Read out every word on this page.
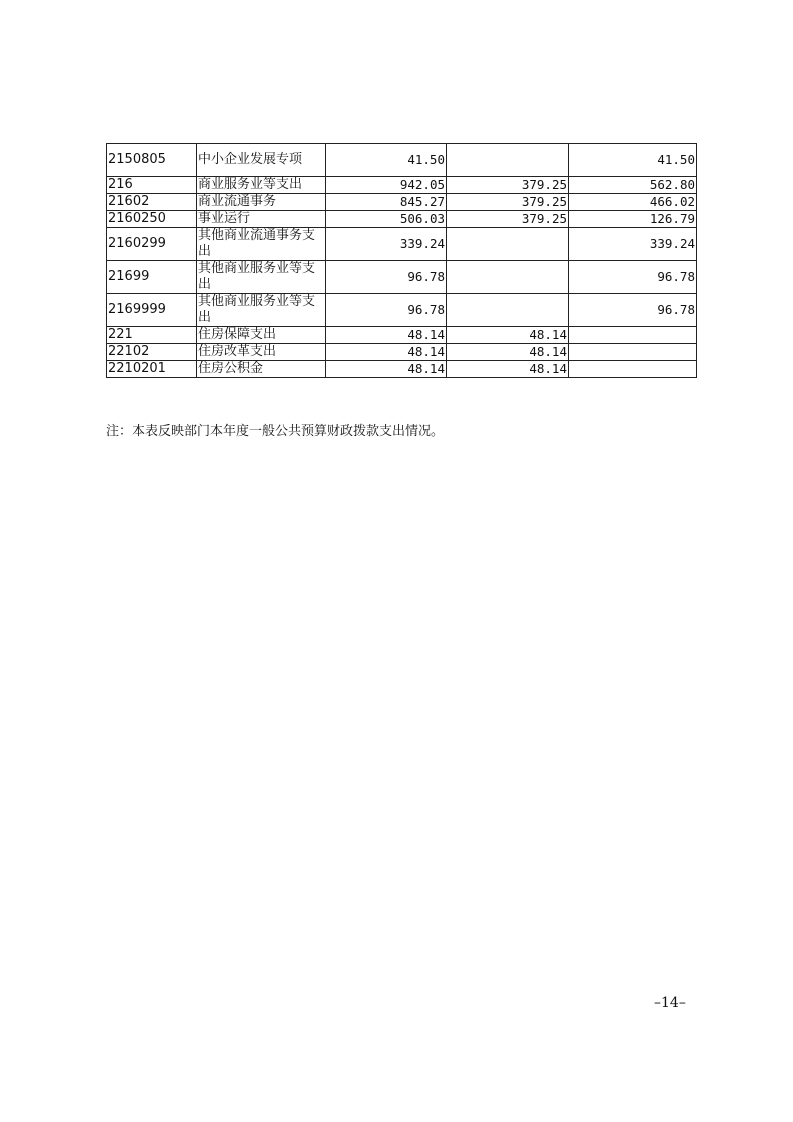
2150805	中小企业发展专项	41.50		41.50
216	商业服务业等支出	942.05	379.25	562.80
21602	商业流通事务	845.27	379.25	466.02
2160250	事业运行	506.03	379.25	126.79
2160299	其他商业流通事务支出	339.24		339.24
21699	其他商业服务业等支出	96.78		96.78
2169999	其他商业服务业等支出	96.78		96.78
221	住房保障支出	48.14	48.14	
22102	住房改革支出	48.14	48.14	
2210201	住房公积金	48.14	48.14	
注：本表反映部门本年度一般公共预算财政拨款支出情况。
–14–
